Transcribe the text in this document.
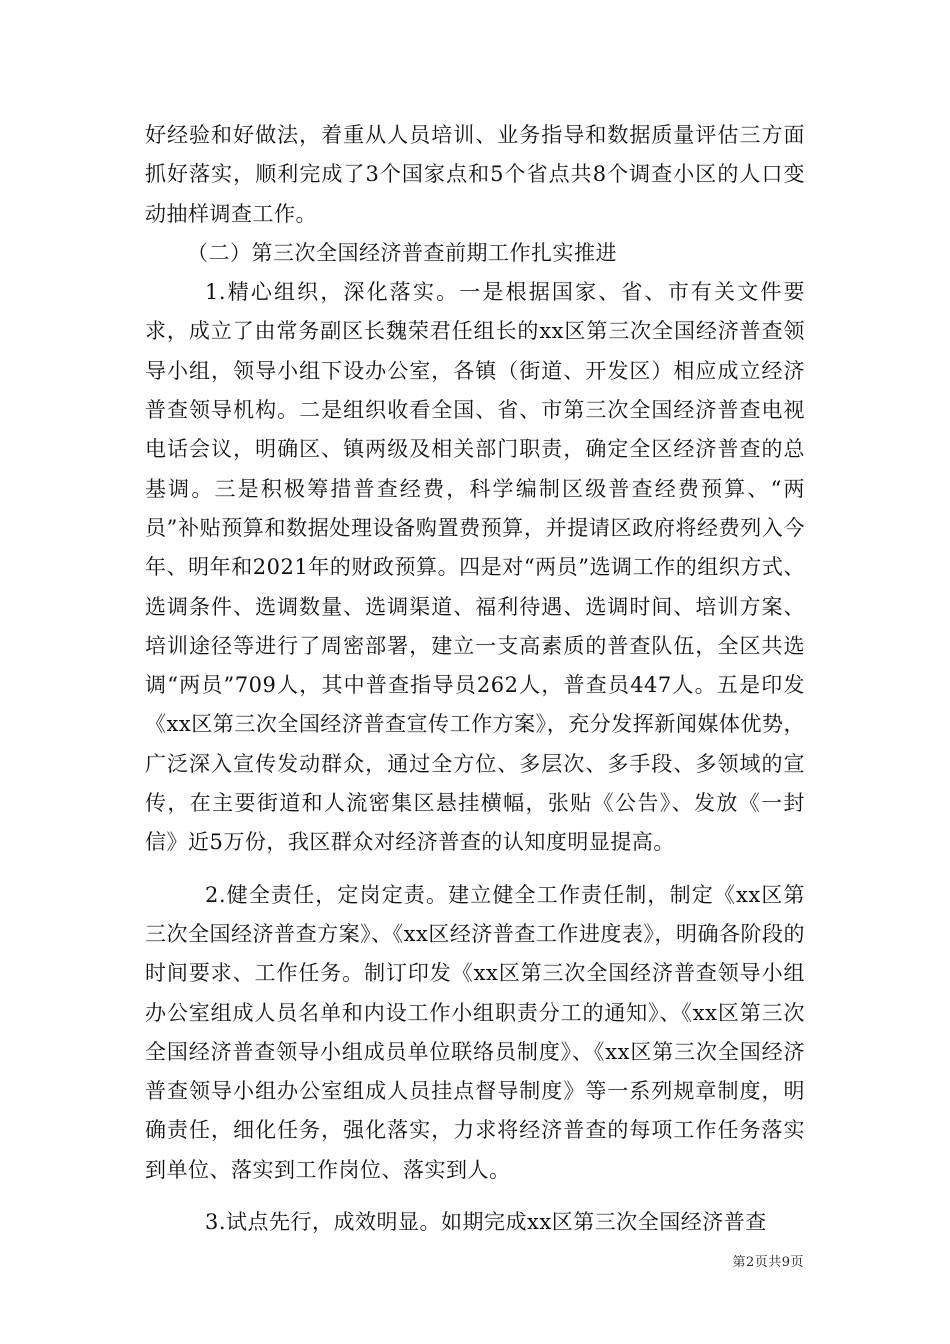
好经验和好做法，着重从人员培训、业务指导和数据质量评估三方面抓好落实，顺利完成了3个国家点和5个省点共8个调查小区的人口变动抽样调查工作。

（二）第三次全国经济普查前期工作扎实推进

1.精心组织，深化落实。一是根据国家、省、市有关文件要求，成立了由常务副区长魏荣君任组长的xx区第三次全国经济普查领导小组，领导小组下设办公室，各镇（街道、开发区）相应成立经济普查领导机构。二是组织收看全国、省、市第三次全国经济普查电视电话会议，明确区、镇两级及相关部门职责，确定全区经济普查的总基调。三是积极筹措普查经费，科学编制区级普查经费预算、“两员”补贴预算和数据处理设备购置费预算，并提请区政府将经费列入今年、明年和2021年的财政预算。四是对“两员”选调工作的组织方式、选调条件、选调数量、选调渠道、福利待遇、选调时间、培训方案、培训途径等进行了周密部署，建立一支高素质的普查队伍，全区共选调“两员”709人，其中普查指导员262人，普查员447人。五是印发《xx区第三次全国经济普查宣传工作方案》，充分发挥新闻媒体优势，广泛深入宣传发动群众，通过全方位、多层次、多手段、多领域的宣传，在主要街道和人流密集区悬挂横幅，张贴《公告》、发放《一封信》近5万份，我区群众对经济普查的认知度明显提高。

2.健全责任，定岗定责。建立健全工作责任制，制定《xx区第三次全国经济普查方案》、《xx区经济普查工作进度表》，明确各阶段的时间要求、工作任务。制订印发《xx区第三次全国经济普查领导小组办公室组成人员名单和内设工作小组职责分工的通知》、《xx区第三次全国经济普查领导小组成员单位联络员制度》、《xx区第三次全国经济普查领导小组办公室组成人员挂点督导制度》等一系列规章制度，明确责任，细化任务，强化落实，力求将经济普查的每项工作任务落实到单位、落实到工作岗位、落实到人。

3.试点先行，成效明显。如期完成xx区第三次全国经济普查

第2页共9页
